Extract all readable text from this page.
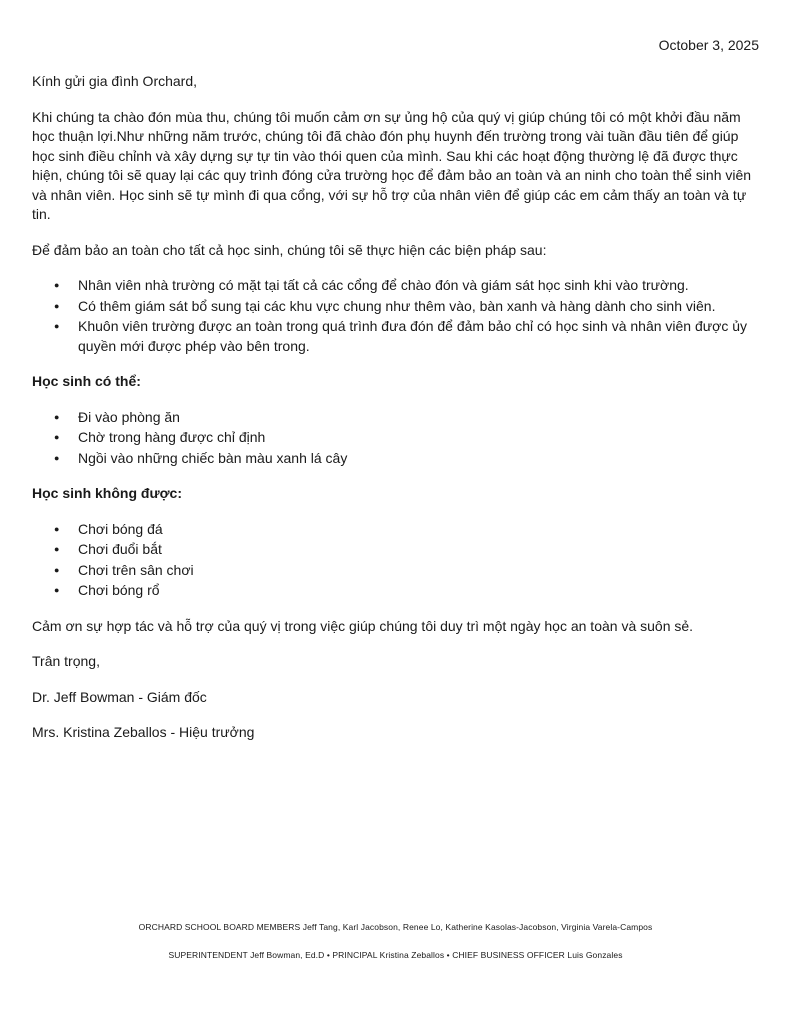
October 3, 2025

Kính gửi gia đình Orchard,

Khi chúng ta chào đón mùa thu, chúng tôi muốn cảm ơn sự ủng hộ của quý vị giúp chúng tôi có một khởi đầu năm học thuận lợi.Như những năm trước, chúng tôi đã chào đón phụ huynh đến trường trong vài tuần đầu tiên để giúp học sinh điều chỉnh và xây dựng sự tự tin vào thói quen của mình. Sau khi các hoạt động thường lệ đã được thực hiện, chúng tôi sẽ quay lại các quy trình đóng cửa trường học để đảm bảo an toàn và an ninh cho toàn thể sinh viên và nhân viên. Học sinh sẽ tự mình đi qua cổng, với sự hỗ trợ của nhân viên để giúp các em cảm thấy an toàn và tự tin.

Để đảm bảo an toàn cho tất cả học sinh, chúng tôi sẽ thực hiện các biện pháp sau:

● Nhân viên nhà trường có mặt tại tất cả các cổng để chào đón và giám sát học sinh khi vào trường.
● Có thêm giám sát bổ sung tại các khu vực chung như thêm vào, bàn xanh và hàng dành cho sinh viên.
● Khuôn viên trường được an toàn trong quá trình đưa đón để đảm bảo chỉ có học sinh và nhân viên được ủy quyền mới được phép vào bên trong.

Học sinh có thể:

● Đi vào phòng ăn
● Chờ trong hàng được chỉ định
● Ngồi vào những chiếc bàn màu xanh lá cây

Học sinh không được:

● Chơi bóng đá
● Chơi đuổi bắt
● Chơi trên sân chơi
● Chơi bóng rổ

Cảm ơn sự hợp tác và hỗ trợ của quý vị trong việc giúp chúng tôi duy trì một ngày học an toàn và suôn sẻ.

Trân trọng,

Dr. Jeff Bowman - Giám đốc

Mrs. Kristina Zeballos - Hiệu trưởng

ORCHARD SCHOOL BOARD MEMBERS Jeff Tang, Karl Jacobson, Renee Lo, Katherine Kasolas-Jacobson, Virginia Varela-Campos
SUPERINTENDENT Jeff Bowman, Ed.D • PRINCIPAL Kristina Zeballos • CHIEF BUSINESS OFFICER Luis Gonzales
